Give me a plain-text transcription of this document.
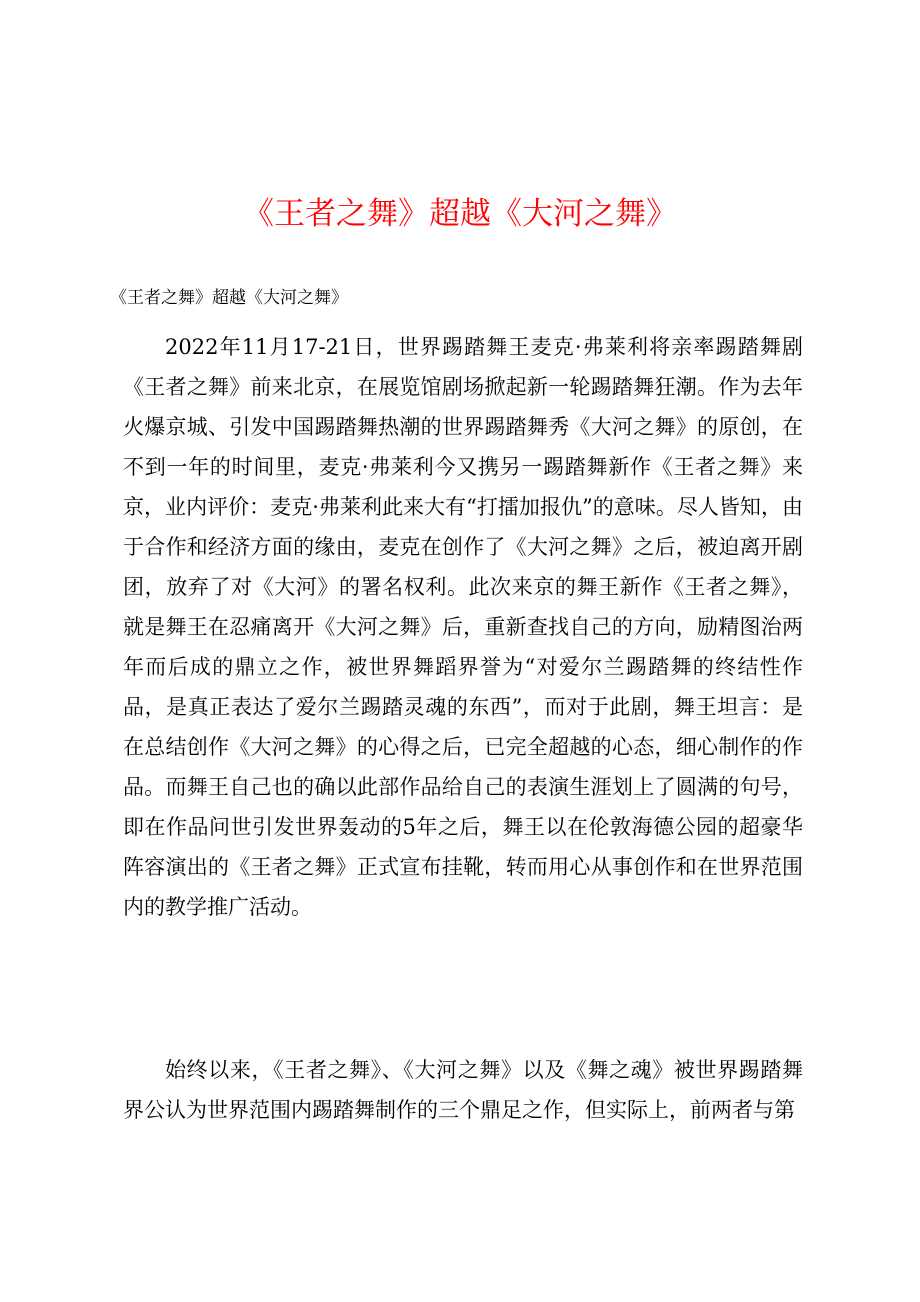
《王者之舞》超越《大河之舞》

《王者之舞》超越《大河之舞》

2022年11月17-21日，世界踢踏舞王麦克·弗莱利将亲率踢踏舞剧《王者之舞》前来北京，在展览馆剧场掀起新一轮踢踏舞狂潮。作为去年火爆京城、引发中国踢踏舞热潮的世界踢踏舞秀《大河之舞》的原创，在不到一年的时间里，麦克·弗莱利今又携另一踢踏舞新作《王者之舞》来京，业内评价：麦克·弗莱利此来大有“打擂加报仇”的意味。尽人皆知，由于合作和经济方面的缘由，麦克在创作了《大河之舞》之后，被迫离开剧团，放弃了对《大河》的署名权利。此次来京的舞王新作《王者之舞》，就是舞王在忍痛离开《大河之舞》后，重新查找自己的方向，励精图治两年而后成的鼎立之作，被世界舞蹈界誉为“对爱尔兰踢踏舞的终结性作品，是真正表达了爱尔兰踢踏灵魂的东西”，而对于此剧，舞王坦言：是在总结创作《大河之舞》的心得之后，已完全超越的心态，细心制作的作品。而舞王自己也的确以此部作品给自己的表演生涯划上了圆满的句号，即在作品问世引发世界轰动的5年之后，舞王以在伦敦海德公园的超豪华阵容演出的《王者之舞》正式宣布挂靴，转而用心从事创作和在世界范围内的教学推广活动。

始终以来，《王者之舞》、《大河之舞》以及《舞之魂》被世界踢踏舞界公认为世界范围内踢踏舞制作的三个鼎足之作，但实际上，前两者与第
